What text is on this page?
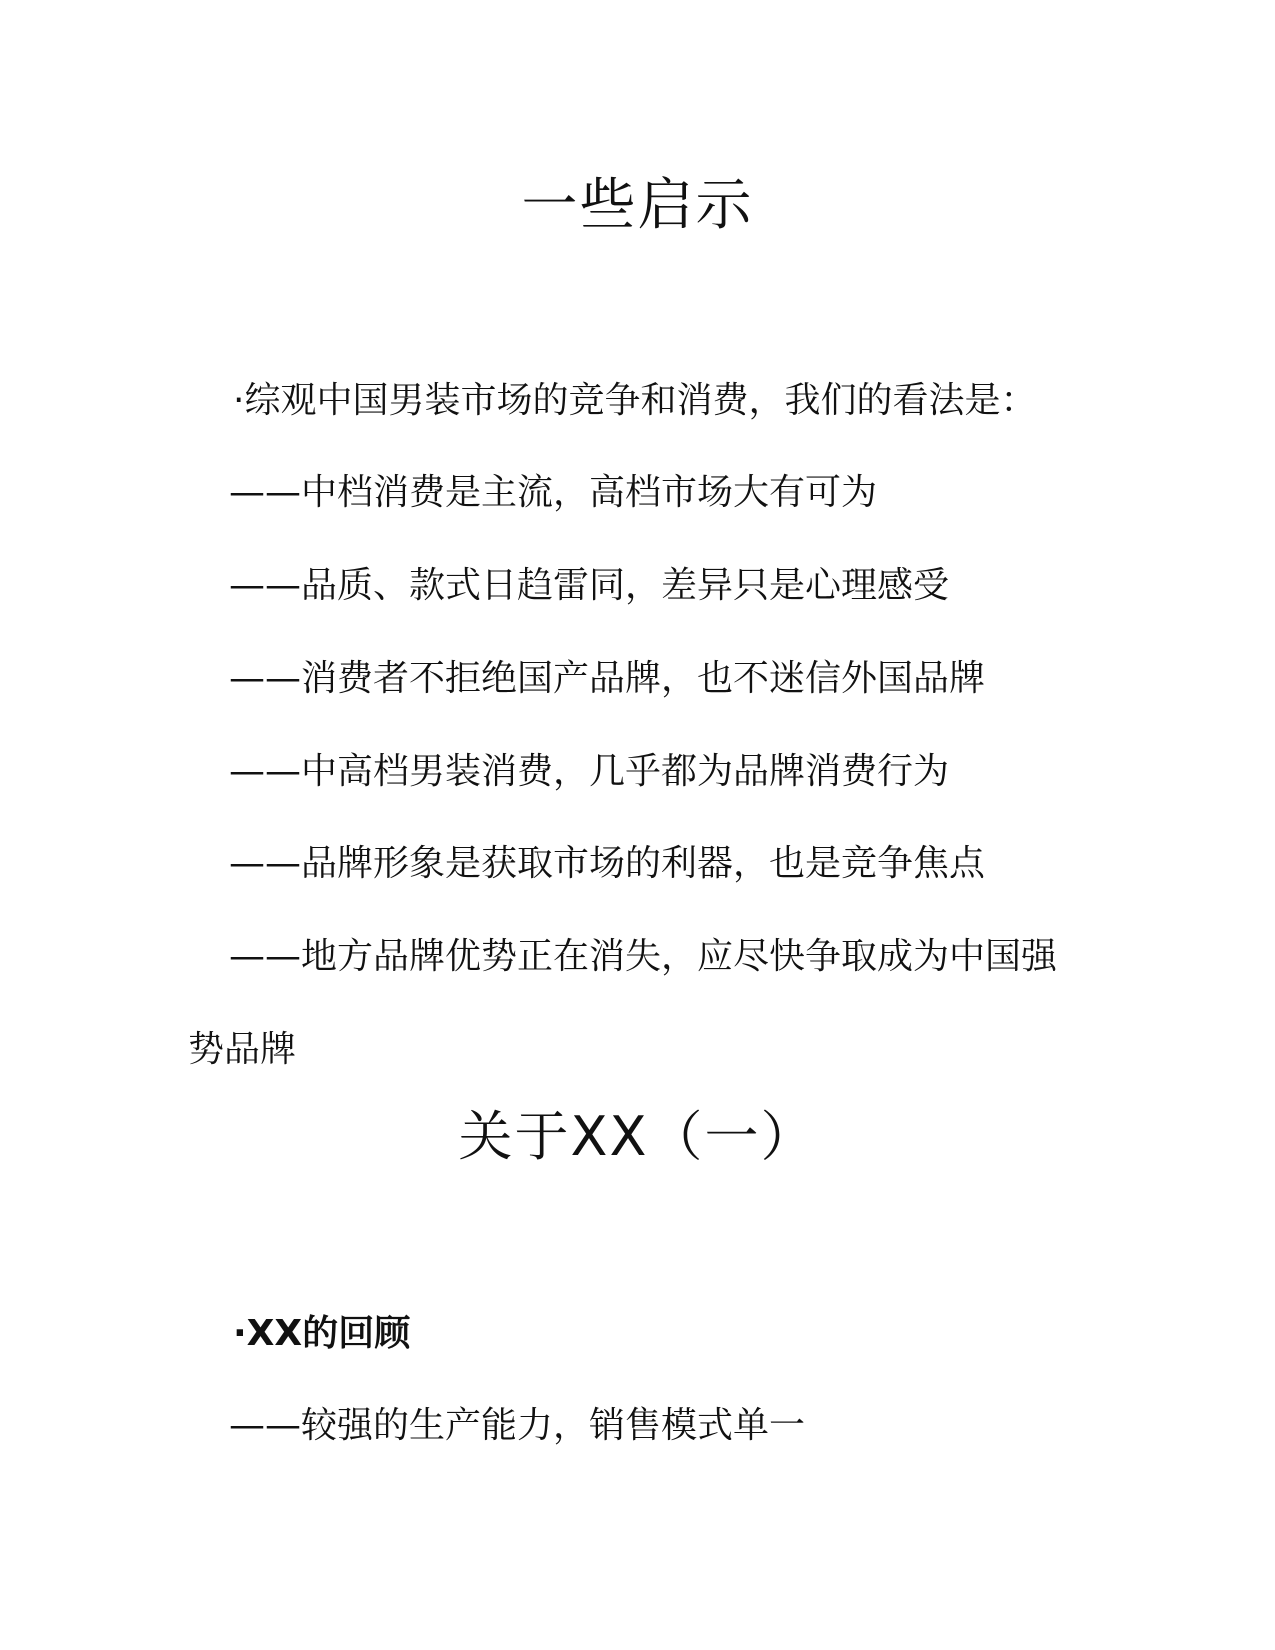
一些启示

·综观中国男装市场的竞争和消费，我们的看法是：

——中档消费是主流，高档市场大有可为

——品质、款式日趋雷同，差异只是心理感受

——消费者不拒绝国产品牌，也不迷信外国品牌

——中高档男装消费，几乎都为品牌消费行为

——品牌形象是获取市场的利器，也是竞争焦点

——地方品牌优势正在消失，应尽快争取成为中国强

势品牌

关于XX（一）

·XX的回顾

——较强的生产能力，销售模式单一
